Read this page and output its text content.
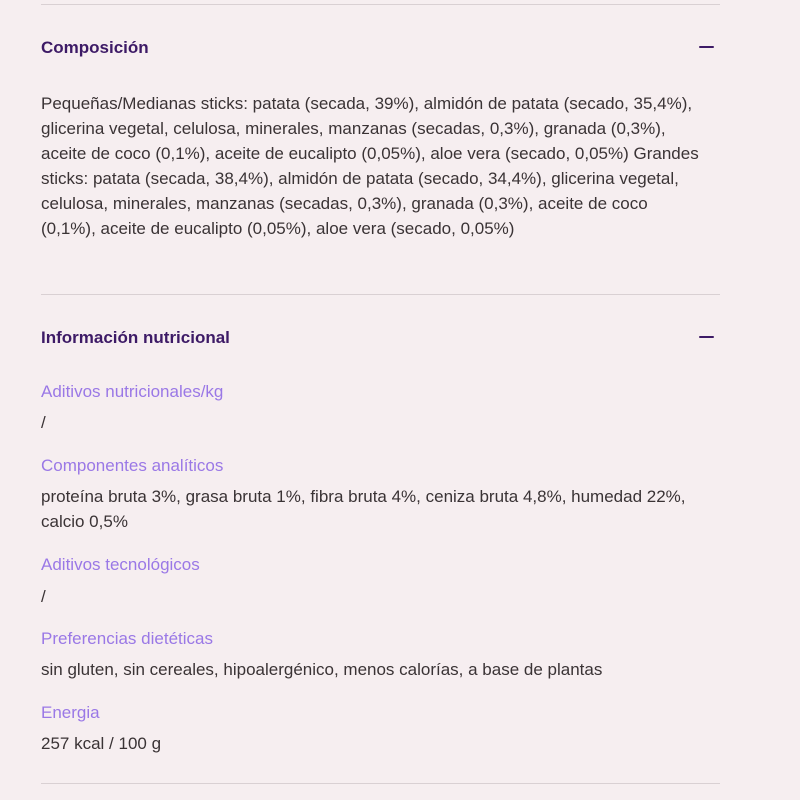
Composición
Pequeñas/Medianas sticks: patata (secada, 39%), almidón de patata (secado, 35,4%), glicerina vegetal, celulosa, minerales, manzanas (secadas, 0,3%), granada (0,3%), aceite de coco (0,1%), aceite de eucalipto (0,05%), aloe vera (secado, 0,05%) Grandes sticks: patata (secada, 38,4%), almidón de patata (secado, 34,4%), glicerina vegetal, celulosa, minerales, manzanas (secadas, 0,3%), granada (0,3%), aceite de coco (0,1%), aceite de eucalipto (0,05%), aloe vera (secado, 0,05%)
Información nutricional
Aditivos nutricionales/kg
/
Componentes analíticos
proteína bruta 3%, grasa bruta 1%, fibra bruta 4%, ceniza bruta 4,8%, humedad 22%, calcio 0,5%
Aditivos tecnológicos
/
Preferencias dietéticas
sin gluten, sin cereales, hipoalergénico, menos calorías, a base de plantas
Energia
257 kcal / 100 g
